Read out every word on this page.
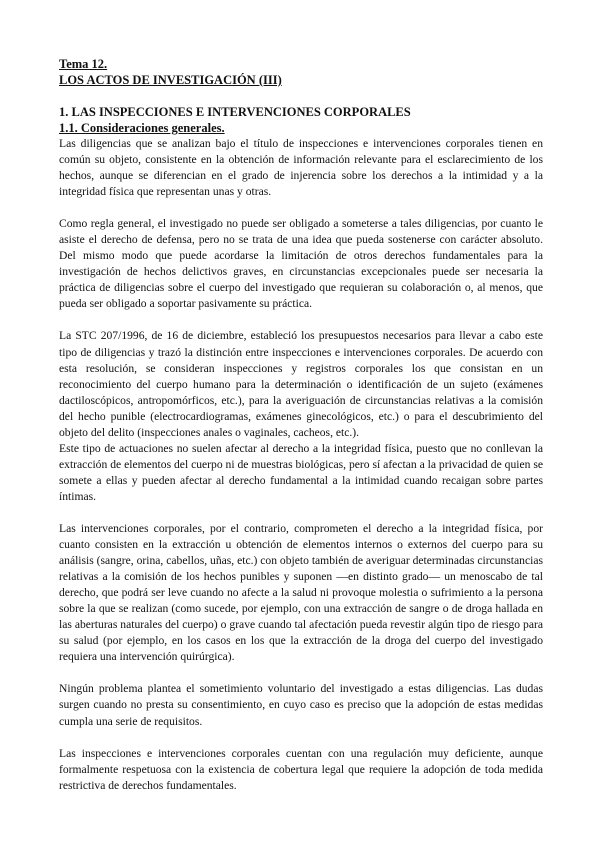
Tema 12.

LOS ACTOS DE INVESTIGACIÓN (III)

1. LAS INSPECCIONES E INTERVENCIONES CORPORALES

1.1. Consideraciones generales.

Las diligencias que se analizan bajo el título de inspecciones e intervenciones corporales tienen en común su objeto, consistente en la obtención de información relevante para el esclarecimiento de los hechos, aunque se diferencian en el grado de injerencia sobre los derechos a la intimidad y a la integridad física que representan unas y otras.

Como regla general, el investigado no puede ser obligado a someterse a tales diligencias, por cuanto le asiste el derecho de defensa, pero no se trata de una idea que pueda sostenerse con carácter absoluto. Del mismo modo que puede acordarse la limitación de otros derechos fundamentales para la investigación de hechos delictivos graves, en circunstancias excepcionales puede ser necesaria la práctica de diligencias sobre el cuerpo del investigado que requieran su colaboración o, al menos, que pueda ser obligado a soportar pasivamente su práctica.

La STC 207/1996, de 16 de diciembre, estableció los presupuestos necesarios para llevar a cabo este tipo de diligencias y trazó la distinción entre inspecciones e intervenciones corporales. De acuerdo con esta resolución, se consideran inspecciones y registros corporales los que consistan en un reconocimiento del cuerpo humano para la determinación o identificación de un sujeto (exámenes dactiloscópicos, antropomórficos, etc.), para la averiguación de circunstancias relativas a la comisión del hecho punible (electrocardiogramas, exámenes ginecológicos, etc.) o para el descubrimiento del objeto del delito (inspecciones anales o vaginales, cacheos, etc.).

Este tipo de actuaciones no suelen afectar al derecho a la integridad física, puesto que no conllevan la extracción de elementos del cuerpo ni de muestras biológicas, pero sí afectan a la privacidad de quien se somete a ellas y pueden afectar al derecho fundamental a la intimidad cuando recaigan sobre partes íntimas.

Las intervenciones corporales, por el contrario, comprometen el derecho a la integridad física, por cuanto consisten en la extracción u obtención de elementos internos o externos del cuerpo para su análisis (sangre, orina, cabellos, uñas, etc.) con objeto también de averiguar determinadas circunstancias relativas a la comisión de los hechos punibles y suponen —en distinto grado— un menoscabo de tal derecho, que podrá ser leve cuando no afecte a la salud ni provoque molestia o sufrimiento a la persona sobre la que se realizan (como sucede, por ejemplo, con una extracción de sangre o de droga hallada en las aberturas naturales del cuerpo) o grave cuando tal afectación pueda revestir algún tipo de riesgo para su salud (por ejemplo, en los casos en los que la extracción de la droga del cuerpo del investigado requiera una intervención quirúrgica).

Ningún problema plantea el sometimiento voluntario del investigado a estas diligencias. Las dudas surgen cuando no presta su consentimiento, en cuyo caso es preciso que la adopción de estas medidas cumpla una serie de requisitos.

Las inspecciones e intervenciones corporales cuentan con una regulación muy deficiente, aunque formalmente respetuosa con la existencia de cobertura legal que requiere la adopción de toda medida restrictiva de derechos fundamentales.
